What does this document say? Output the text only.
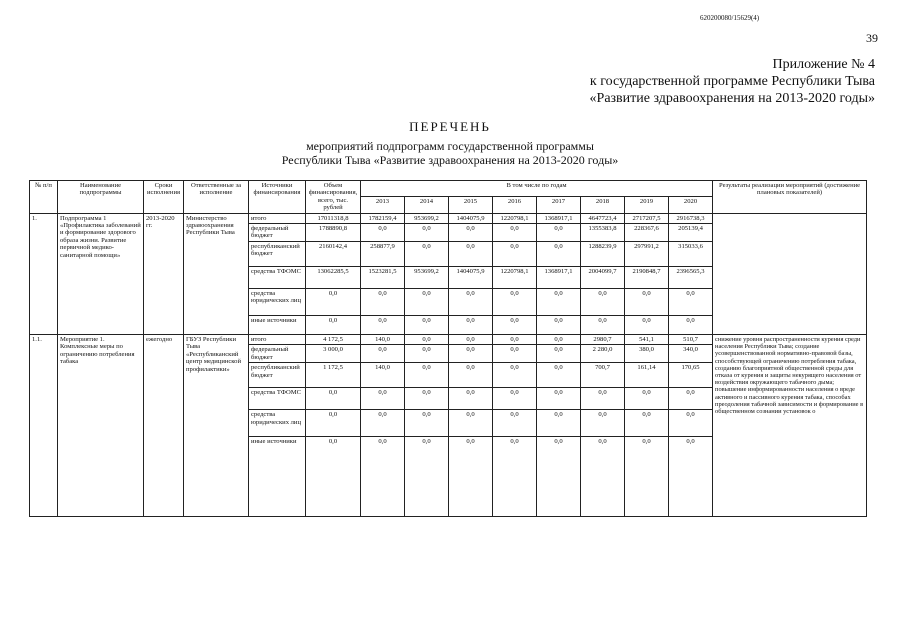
620200080/15629(4)
39
Приложение № 4
к государственной программе Республики Тыва
«Развитие здравоохранения на 2013-2020 годы»
ПЕРЕЧЕНЬ
мероприятий подпрограмм государственной программы
Республики Тыва «Развитие здравоохранения на 2013-2020 годы»
№ п/п	Наименование подпрограммы	Сроки исполнения	Ответственные за исполнение	Источники финансирования	Объем финансирования, всего, тыс. рублей	В том числе по годам								Результаты реализации мероприятий (достижение плановых показателей)
						2013	2014	2015	2016	2017	2018	2019	2020	
1.	Подпрограмма 1 «Профилактика заболеваний и формирование здорового образа жизни. Развитие первичной медико-санитарной помощи»	2013-2020 гг.	Министерство здравоохранения Республики Тыва	итого	17011318,8	1782159,4	953699,2	1404075,9	1220798,1	1368917,1	4647723,4	2717207,5	2916738,3	
				федеральный бюджет	1788890,8	0,0	0,0	0,0	0,0	0,0	1355383,8	228367,6	205139,4	
				республиканский бюджет	2160142,4	258877,9	0,0	0,0	0,0	0,0	1288239,9	297991,2	315033,6	
				средства ТФОМС	13062285,5	1523281,5	953699,2	1404075,9	1220798,1	1368917,1	2004099,7	2190848,7	2396565,3	
				средства юридических лиц	0,0	0,0	0,0	0,0	0,0	0,0	0,0	0,0	0,0	
				иные источники	0,0	0,0	0,0	0,0	0,0	0,0	0,0	0,0	0,0	
1.1.	Мероприятие 1. Комплексные меры по ограничению потребления табака	ежегодно	ГБУЗ Республики Тыва «Республиканский центр медицинской профилактики»	итого	4 172,5	140,0	0,0	0,0	0,0	0,0	2980,7	541,1	510,7	снижение уровня распространенности курения среди населения Республики Тыва; создание усовершенствованной нормативно-правовой базы, способствующей ограничению потребления табака, созданию благоприятной общественной среды для отказа от курения и защиты некурящего населения от воздействия окружающего табачного дыма; повышение информированности населения о вреде активного и пассивного курения табака, способах преодоления табачной зависимости и формирование в общественном сознании установок о
				федеральный бюджет	3 000,0	0,0	0,0	0,0	0,0	0,0	2 280,0	380,0	340,0	
				республиканский бюджет	1 172,5	140,0	0,0	0,0	0,0	0,0	700,7	161,14	170,65	
				средства ТФОМС	0,0	0,0	0,0	0,0	0,0	0,0	0,0	0,0	0,0	
				средства юридических лиц	0,0	0,0	0,0	0,0	0,0	0,0	0,0	0,0	0,0	
				иные источники	0,0	0,0	0,0	0,0	0,0	0,0	0,0	0,0	0,0	
